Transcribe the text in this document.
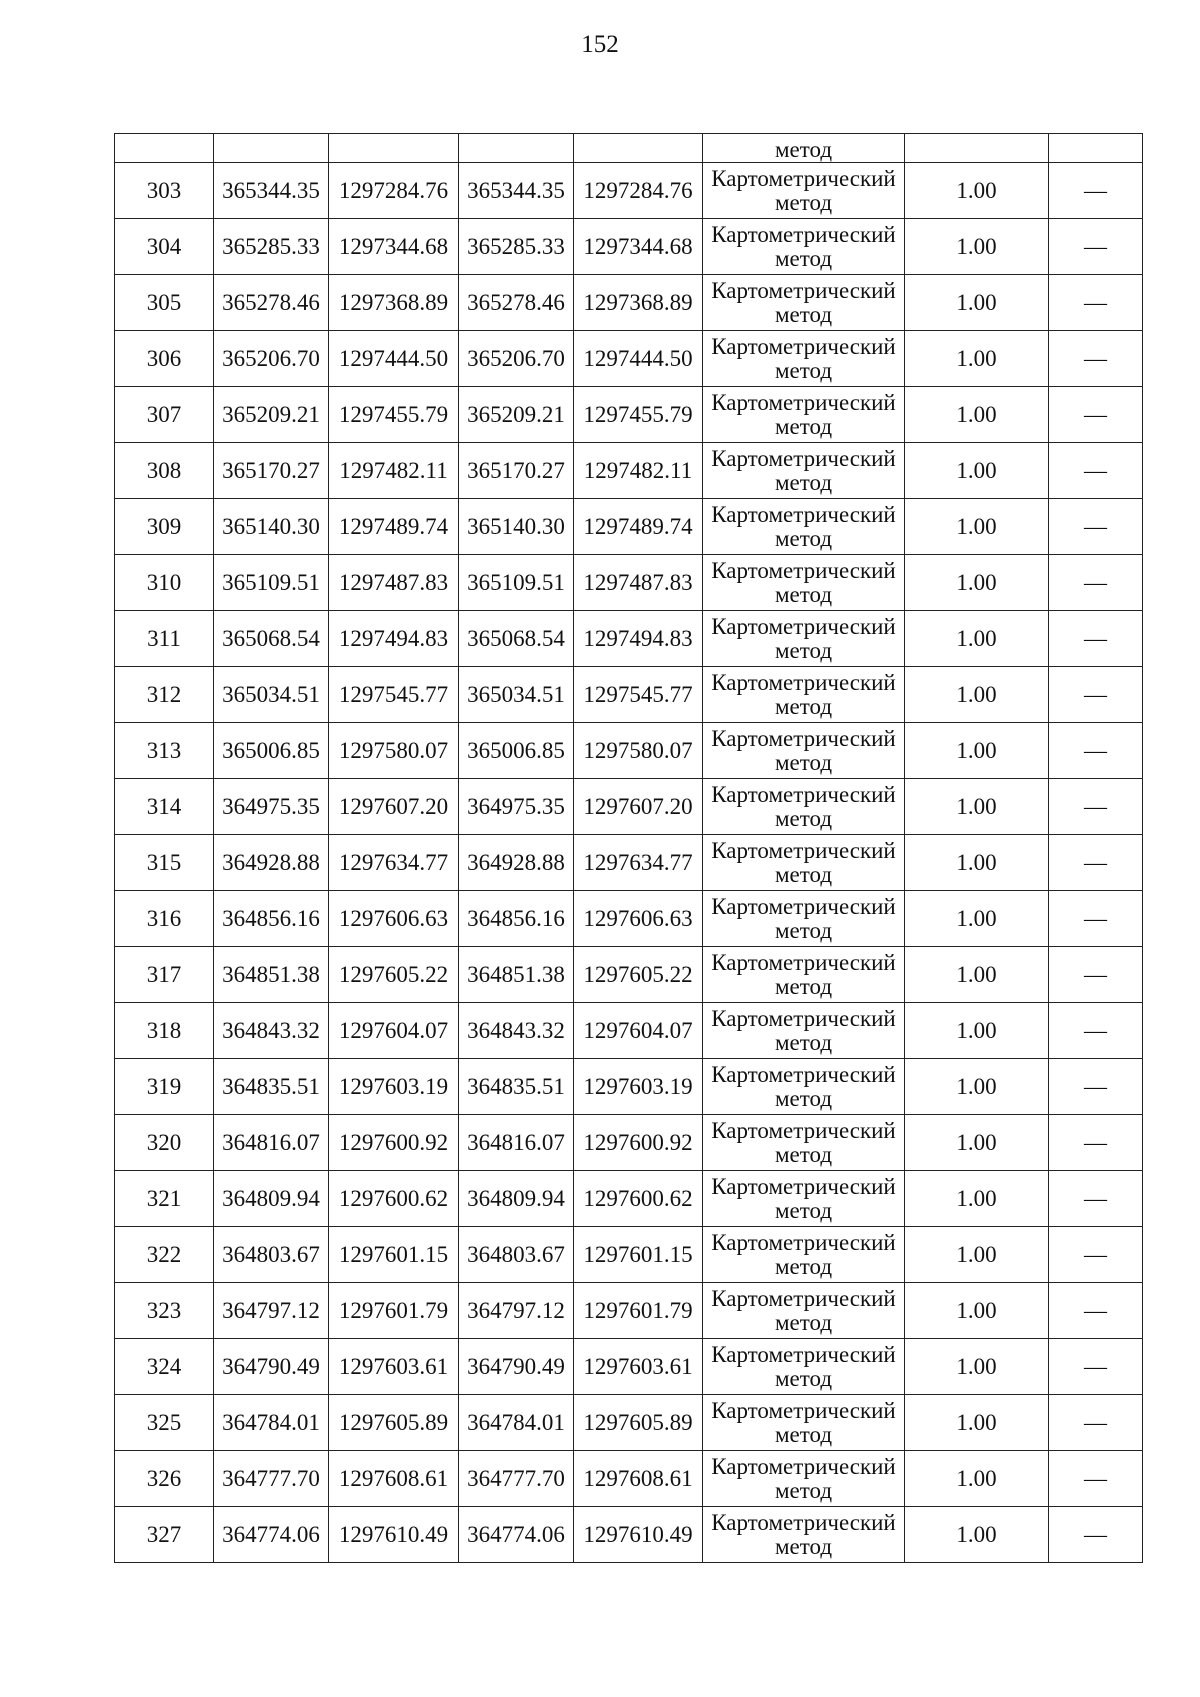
152

					метод		

303	365344.35	1297284.76	365344.35	1297284.76	Картометрический
метод	1.00	—
304	365285.33	1297344.68	365285.33	1297344.68	Картометрический
метод	1.00	—
305	365278.46	1297368.89	365278.46	1297368.89	Картометрический
метод	1.00	—
306	365206.70	1297444.50	365206.70	1297444.50	Картометрический
метод	1.00	—
307	365209.21	1297455.79	365209.21	1297455.79	Картометрический
метод	1.00	—
308	365170.27	1297482.11	365170.27	1297482.11	Картометрический
метод	1.00	—
309	365140.30	1297489.74	365140.30	1297489.74	Картометрический
метод	1.00	—
310	365109.51	1297487.83	365109.51	1297487.83	Картометрический
метод	1.00	—
311	365068.54	1297494.83	365068.54	1297494.83	Картометрический
метод	1.00	—
312	365034.51	1297545.77	365034.51	1297545.77	Картометрический
метод	1.00	—
313	365006.85	1297580.07	365006.85	1297580.07	Картометрический
метод	1.00	—
314	364975.35	1297607.20	364975.35	1297607.20	Картометрический
метод	1.00	—
315	364928.88	1297634.77	364928.88	1297634.77	Картометрический
метод	1.00	—
316	364856.16	1297606.63	364856.16	1297606.63	Картометрический
метод	1.00	—
317	364851.38	1297605.22	364851.38	1297605.22	Картометрический
метод	1.00	—
318	364843.32	1297604.07	364843.32	1297604.07	Картометрический
метод	1.00	—
319	364835.51	1297603.19	364835.51	1297603.19	Картометрический
метод	1.00	—
320	364816.07	1297600.92	364816.07	1297600.92	Картометрический
метод	1.00	—
321	364809.94	1297600.62	364809.94	1297600.62	Картометрический
метод	1.00	—
322	364803.67	1297601.15	364803.67	1297601.15	Картометрический
метод	1.00	—
323	364797.12	1297601.79	364797.12	1297601.79	Картометрический
метод	1.00	—
324	364790.49	1297603.61	364790.49	1297603.61	Картометрический
метод	1.00	—
325	364784.01	1297605.89	364784.01	1297605.89	Картометрический
метод	1.00	—
326	364777.70	1297608.61	364777.70	1297608.61	Картометрический
метод	1.00	—
327	364774.06	1297610.49	364774.06	1297610.49	Картометрический
метод	1.00	—
